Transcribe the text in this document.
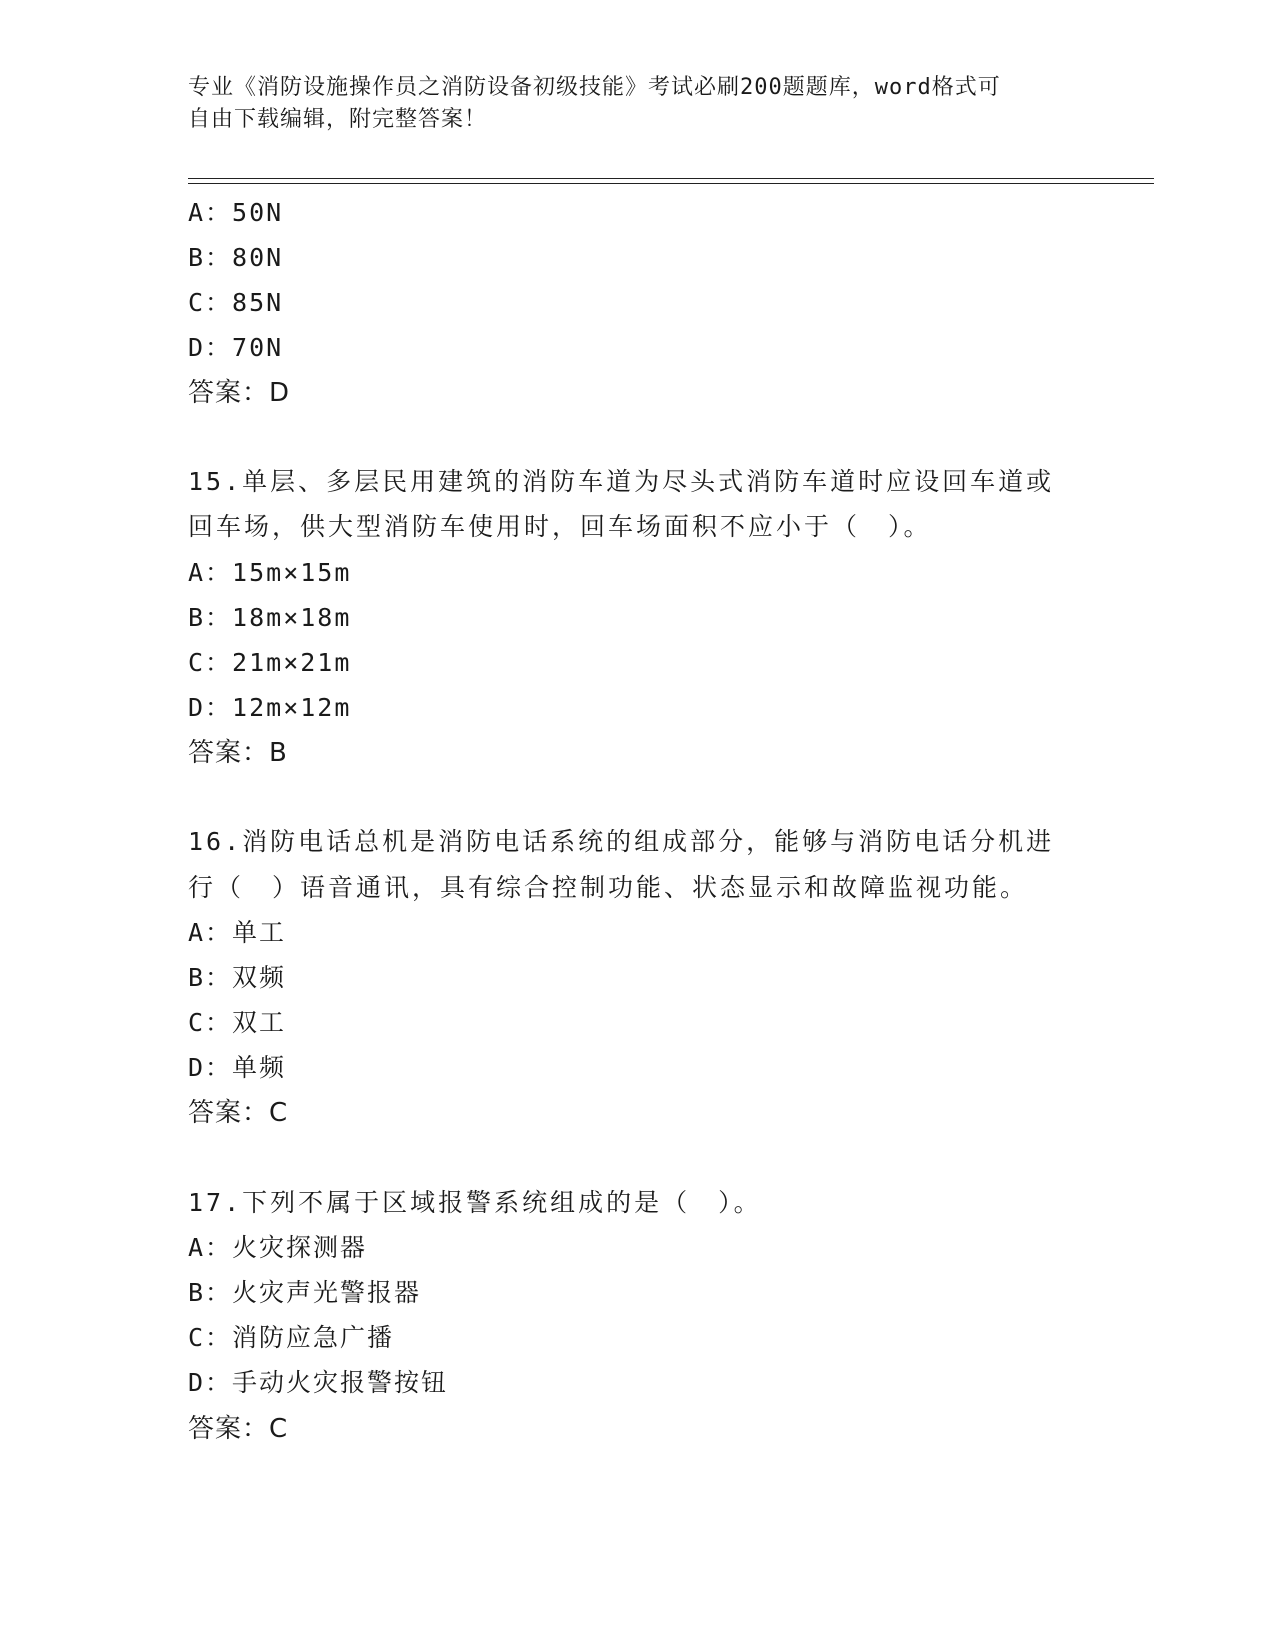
专业《消防设施操作员之消防设备初级技能》考试必刷200题题库，word格式可
自由下载编辑，附完整答案！
A：50N
B：80N
C：85N
D：70N
答案：D
15.单层、多层民用建筑的消防车道为尽头式消防车道时应设回车道或
回车场，供大型消防车使用时，回车场面积不应小于（　）。
A：15m×15m
B：18m×18m
C：21m×21m
D：12m×12m
答案：B
16.消防电话总机是消防电话系统的组成部分，能够与消防电话分机进
行（　）语音通讯，具有综合控制功能、状态显示和故障监视功能。
A：单工
B：双频
C：双工
D：单频
答案：C
17.下列不属于区域报警系统组成的是（　）。
A：火灾探测器
B：火灾声光警报器
C：消防应急广播
D：手动火灾报警按钮
答案：C
